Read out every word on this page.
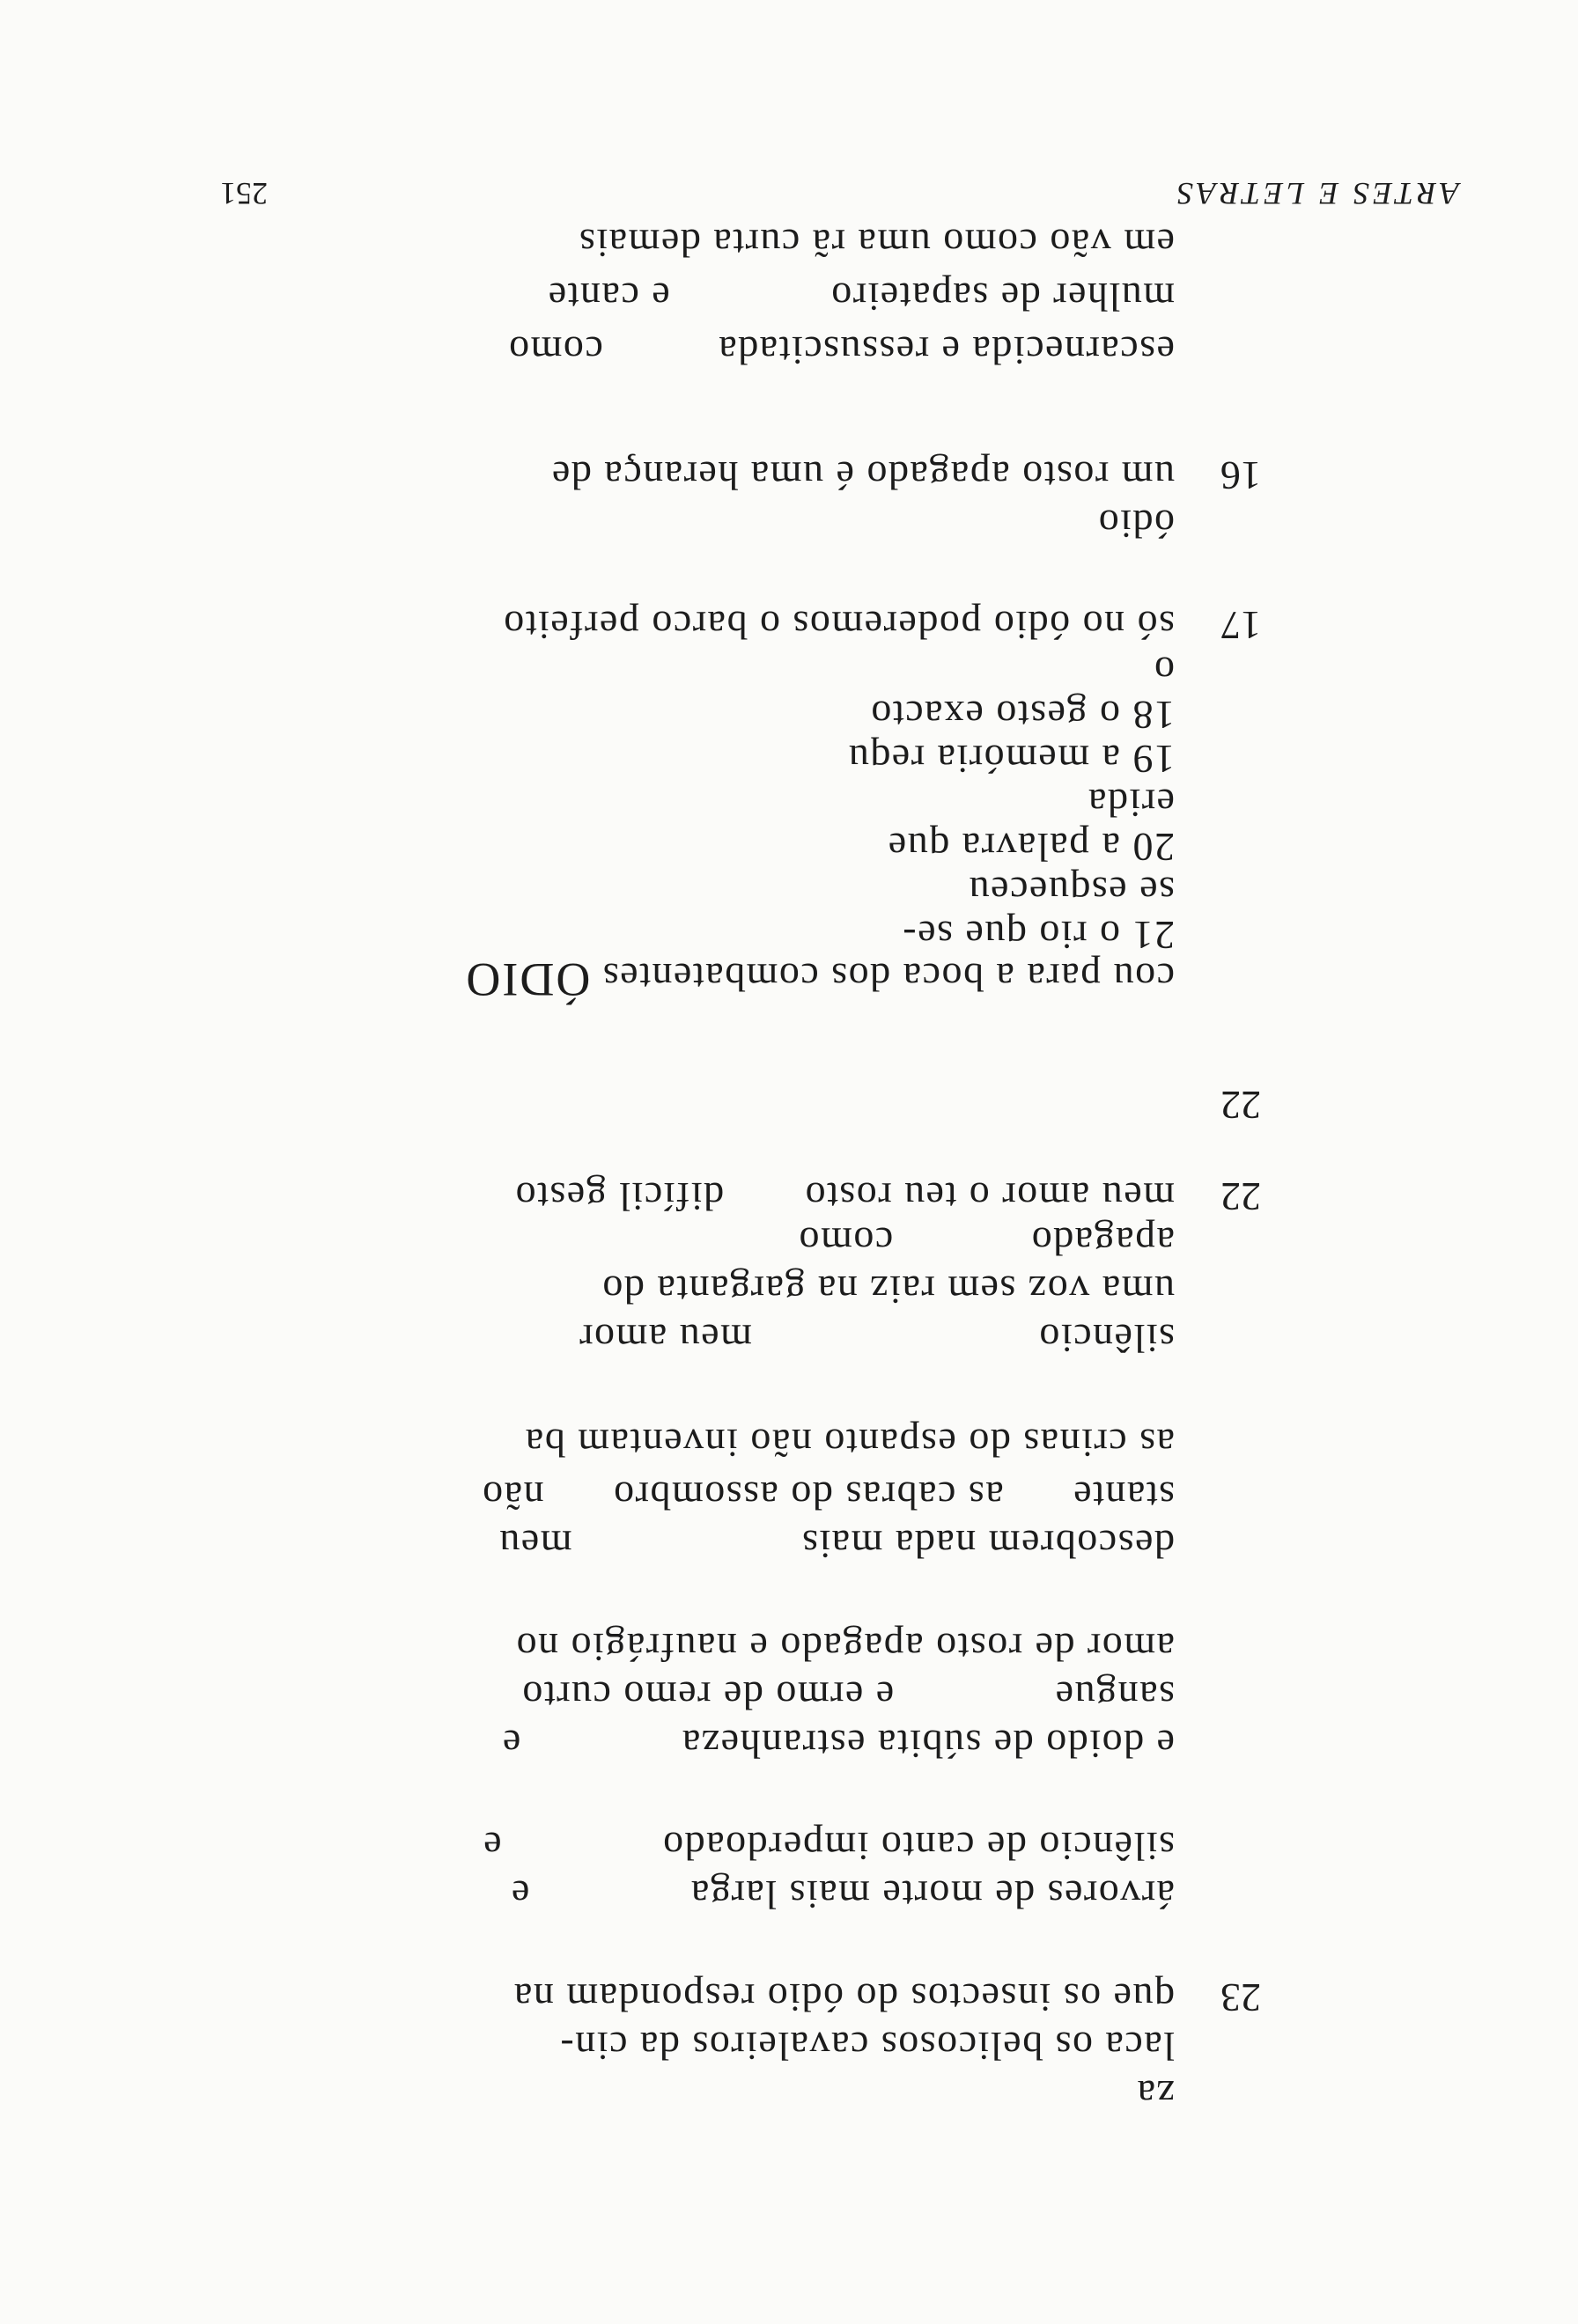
ARTES E LETRAS
251
escarnecida e ressuscitada          como
mulher de sapateiro              e cante
em vão como uma rã curta demais
16
um rosto apagado é uma herança de
ódio
17
só no ódio poderemos o barco perfeito
o
18 o gesto exacto
19 a memória requ
erida
20 a palavra que
se esquecеu
21 o rio que se-
cou para a boca dos combatentes ÓDIO
22
22
meu amor o teu rosto       difícil gesto
apagado            como
uma voz sem raiz na garganta do
silêncio                         meu amor
as crinas do espanto não inventam ba
stante      as cabras do assombro      não
descobrem nada mais                    meu
amor de rosto apagado e naufrágio no
sangue              e ermo de remo curto
e doido de súbita estranheza              e
silêncio de canto imperdoado              e
árvores de morte mais larga              e
23
que os insectos do ódio respondam na
laca os belicosos cavaleiros da cin-
za
